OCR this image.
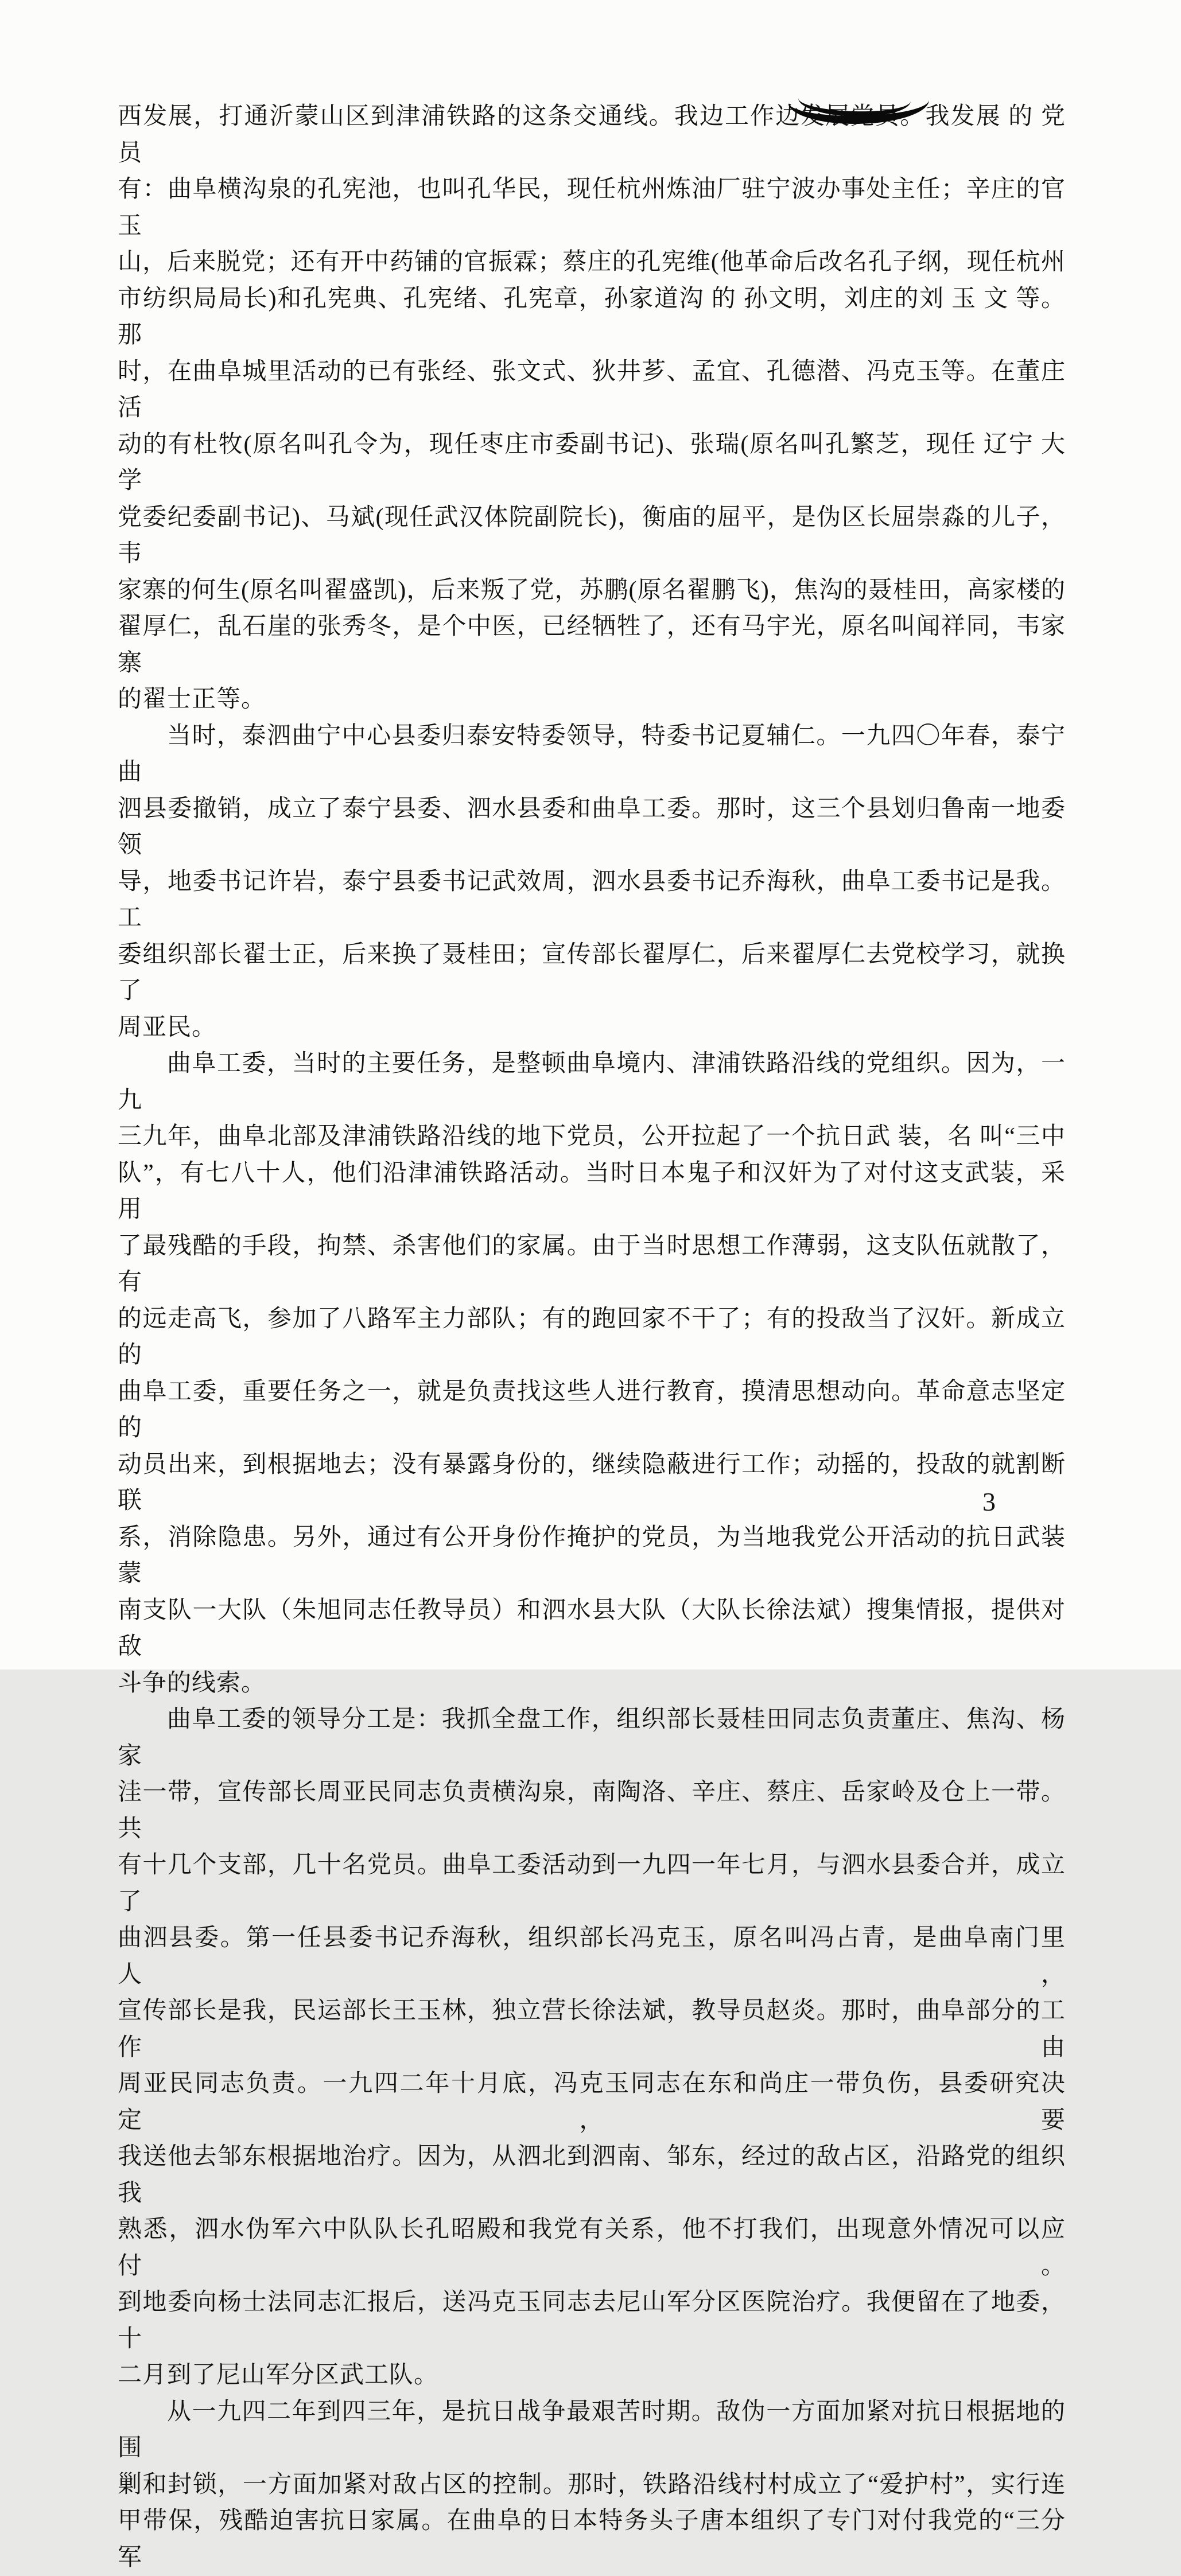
西发展，打通沂蒙山区到津浦铁路的这条交通线。我边工作边发展党员。我发展 的 党 员
有：曲阜横沟泉的孔宪池，也叫孔华民，现任杭州炼油厂驻宁波办事处主任；辛庄的官玉
山，后来脱党；还有开中药铺的官振霖；蔡庄的孔宪维(他革命后改名孔子纲，现任杭州
市纺织局局长)和孔宪典、孔宪绪、孔宪章，孙家道沟 的 孙文明，刘庄的刘 玉 文 等。那
时，在曲阜城里活动的已有张经、张文式、狄井芗、孟宜、孔德潜、冯克玉等。在董庄活
动的有杜牧(原名叫孔令为，现任枣庄市委副书记)、张瑞(原名叫孔繁芝，现任 辽宁 大 学
党委纪委副书记)、马斌(现任武汉体院副院长)，衡庙的屈平，是伪区长屈崇淼的儿子，韦
家寨的何生(原名叫翟盛凯)，后来叛了党，苏鹏(原名翟鹏飞)，焦沟的聂桂田，高家楼的
翟厚仁，乱石崖的张秀冬，是个中医，已经牺牲了，还有马宇光，原名叫闻祥同，韦家寨
的翟士正等。
当时，泰泗曲宁中心县委归泰安特委领导，特委书记夏辅仁。一九四〇年春，泰宁曲
泗县委撤销，成立了泰宁县委、泗水县委和曲阜工委。那时，这三个县划归鲁南一地委领
导，地委书记许岩，泰宁县委书记武效周，泗水县委书记乔海秋，曲阜工委书记是我。工
委组织部长翟士正，后来换了聂桂田；宣传部长翟厚仁，后来翟厚仁去党校学习，就换了
周亚民。
曲阜工委，当时的主要任务，是整顿曲阜境内、津浦铁路沿线的党组织。因为，一九
三九年，曲阜北部及津浦铁路沿线的地下党员，公开拉起了一个抗日武 装，名 叫“三中
队”，有七八十人，他们沿津浦铁路活动。当时日本鬼子和汉奸为了对付这支武装，采用
了最残酷的手段，拘禁、杀害他们的家属。由于当时思想工作薄弱，这支队伍就散了，有
的远走高飞，参加了八路军主力部队；有的跑回家不干了；有的投敌当了汉奸。新成立的
曲阜工委，重要任务之一，就是负责找这些人进行教育，摸清思想动向。革命意志坚定的
动员出来，到根据地去；没有暴露身份的，继续隐蔽进行工作；动摇的，投敌的就割断联
系，消除隐患。另外，通过有公开身份作掩护的党员，为当地我党公开活动的抗日武装蒙
南支队一大队（朱旭同志任教导员）和泗水县大队（大队长徐法斌）搜集情报，提供对敌
斗争的线索。
曲阜工委的领导分工是：我抓全盘工作，组织部长聂桂田同志负责董庄、焦沟、杨家
洼一带，宣传部长周亚民同志负责横沟泉，南陶洛、辛庄、蔡庄、岳家岭及仓上一带。共
有十几个支部，几十名党员。曲阜工委活动到一九四一年七月，与泗水县委合并，成立了
曲泗县委。第一任县委书记乔海秋，组织部长冯克玉，原名叫冯占青，是曲阜南门里人，
宣传部长是我，民运部长王玉林，独立营长徐法斌，教导员赵炎。那时，曲阜部分的工作由
周亚民同志负责。一九四二年十月底，冯克玉同志在东和尚庄一带负伤，县委研究决定，要
我送他去邹东根据地治疗。因为，从泗北到泗南、邹东，经过的敌占区，沿路党的组织我
熟悉，泗水伪军六中队队长孔昭殿和我党有关系，他不打我们，出现意外情况可以应付。
到地委向杨士法同志汇报后，送冯克玉同志去尼山军分区医院治疗。我便留在了地委，十
二月到了尼山军分区武工队。
从一九四二年到四三年，是抗日战争最艰苦时期。敌伪一方面加紧对抗日根据地的围
剿和封锁，一方面加紧对敌占区的控制。那时，铁路沿线村村成立了“爱护村”，实行连
甲带保，残酷迫害抗日家属。在曲阜的日本特务头子唐本组织了专门对付我党的“三分军
3
